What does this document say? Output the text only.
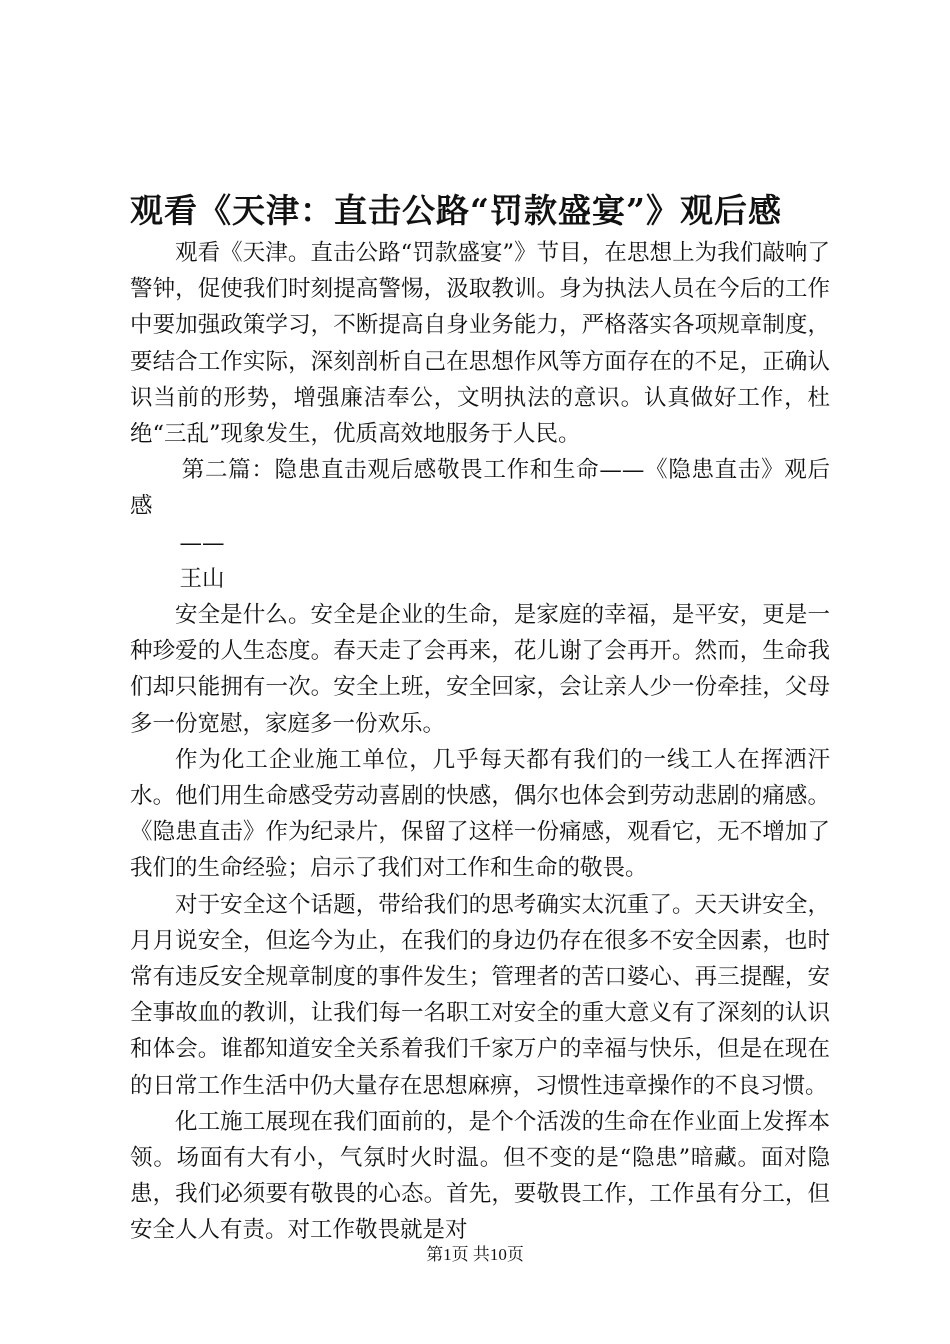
观看《天津：直击公路“罚款盛宴”》观后感

观看《天津。直击公路“罚款盛宴”》节目，在思想上为我们敲响了警钟，促使我们时刻提高警惕，汲取教训。身为执法人员在今后的工作中要加强政策学习，不断提高自身业务能力，严格落实各项规章制度，要结合工作实际，深刻剖析自己在思想作风等方面存在的不足，正确认识当前的形势，增强廉洁奉公，文明执法的意识。认真做好工作，杜绝“三乱”现象发生，优质高效地服务于人民。

第二篇：隐患直击观后感敬畏工作和生命——《隐患直击》观后感

——

王山

安全是什么。安全是企业的生命，是家庭的幸福，是平安，更是一种珍爱的人生态度。春天走了会再来，花儿谢了会再开。然而，生命我们却只能拥有一次。安全上班，安全回家，会让亲人少一份牵挂，父母多一份宽慰，家庭多一份欢乐。

作为化工企业施工单位，几乎每天都有我们的一线工人在挥洒汗水。他们用生命感受劳动喜剧的快感，偶尔也体会到劳动悲剧的痛感。《隐患直击》作为纪录片，保留了这样一份痛感，观看它，无不增加了我们的生命经验；启示了我们对工作和生命的敬畏。

对于安全这个话题，带给我们的思考确实太沉重了。天天讲安全，月月说安全，但迄今为止，在我们的身边仍存在很多不安全因素，也时常有违反安全规章制度的事件发生；管理者的苦口婆心、再三提醒，安全事故血的教训，让我们每一名职工对安全的重大意义有了深刻的认识和体会。谁都知道安全关系着我们千家万户的幸福与快乐，但是在现在的日常工作生活中仍大量存在思想麻痹，习惯性违章操作的不良习惯。

化工施工展现在我们面前的，是个个活泼的生命在作业面上发挥本领。场面有大有小，气氛时火时温。但不变的是“隐患”暗藏。面对隐患，我们必须要有敬畏的心态。首先，要敬畏工作，工作虽有分工，但安全人人有责。对工作敬畏就是对

第1页 共10页
